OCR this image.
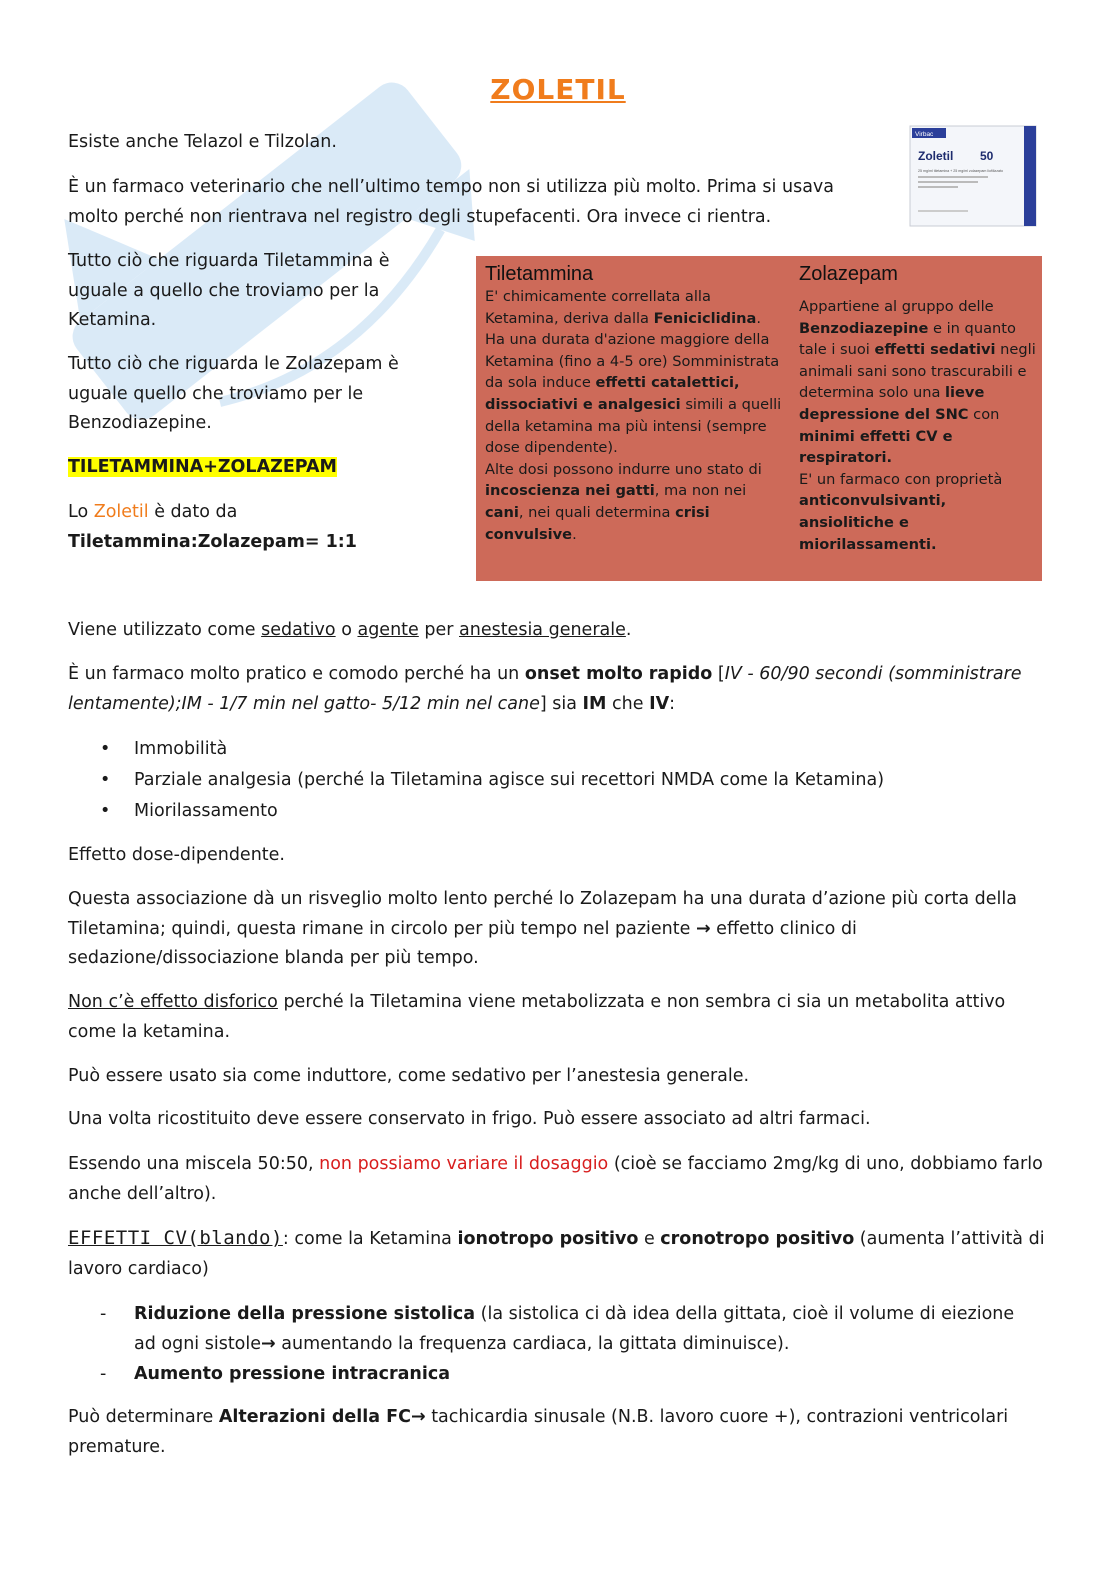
ZOLETIL

Esiste anche Telazol e Tilzolan.

È un farmaco veterinario che nell’ultimo tempo non si utilizza più molto. Prima si usava molto perché non rientrava nel registro degli stupefacenti. Ora invece ci rientra.

Virbac
Zoletil 50
25 mg/ml tiletamina + 25 mg/ml zolazepam liofilizzato

Tutto ciò che riguarda Tiletammina è uguale a quello che troviamo per la Ketamina.

Tutto ciò che riguarda le Zolazepam è uguale quello che troviamo per le Benzodiazepine.

TILETAMMINA+ZOLAZEPAM

Lo Zoletil è dato da
Tiletammina:Zolazepam= 1:1

Tiletammina
E' chimicamente correllata alla Ketamina, deriva dalla Feniciclidina. Ha una durata d'azione maggiore della Ketamina (fino a 4-5 ore) Somministrata da sola induce effetti catalettici, dissociativi e analgesici simili a quelli della ketamina ma più intensi (sempre dose dipendente).
Alte dosi possono indurre uno stato di incoscienza nei gatti, ma non nei cani, nei quali determina crisi convulsive.
Zolazepam
Appartiene al gruppo delle Benzodiazepine e in quanto tale i suoi effetti sedativi negli animali sani sono trascurabili e determina solo una lieve depressione del SNC con minimi effetti CV e respiratori.
E' un farmaco con proprietà anticonvulsivanti, ansiolitiche e miorilassamenti.

Viene utilizzato come sedativo o agente per anestesia generale.

È un farmaco molto pratico e comodo perché ha un onset molto rapido [IV - 60/90 secondi (somministrare lentamente);IM - 1/7 min nel gatto- 5/12 min nel cane] sia IM che IV:

• Immobilità
• Parziale analgesia (perché la Tiletamina agisce sui recettori NMDA come la Ketamina)
• Miorilassamento

Effetto dose-dipendente.

Questa associazione dà un risveglio molto lento perché lo Zolazepam ha una durata d’azione più corta della Tiletamina; quindi, questa rimane in circolo per più tempo nel paziente → effetto clinico di sedazione/dissociazione blanda per più tempo.

Non c’è effetto disforico perché la Tiletamina viene metabolizzata e non sembra ci sia un metabolita attivo come la ketamina.

Può essere usato sia come induttore, come sedativo per l’anestesia generale.

Una volta ricostituito deve essere conservato in frigo. Può essere associato ad altri farmaci.

Essendo una miscela 50:50, non possiamo variare il dosaggio (cioè se facciamo 2mg/kg di uno, dobbiamo farlo anche dell’altro).

EFFETTI CV(blando): come la Ketamina ionotropo positivo e cronotropo positivo (aumenta l’attività di lavoro cardiaco)

- Riduzione della pressione sistolica (la sistolica ci dà idea della gittata, cioè il volume di eiezione ad ogni sistole→ aumentando la frequenza cardiaca, la gittata diminuisce).
- Aumento pressione intracranica

Può determinare Alterazioni della FC→ tachicardia sinusale (N.B. lavoro cuore +), contrazioni ventricolari premature.
